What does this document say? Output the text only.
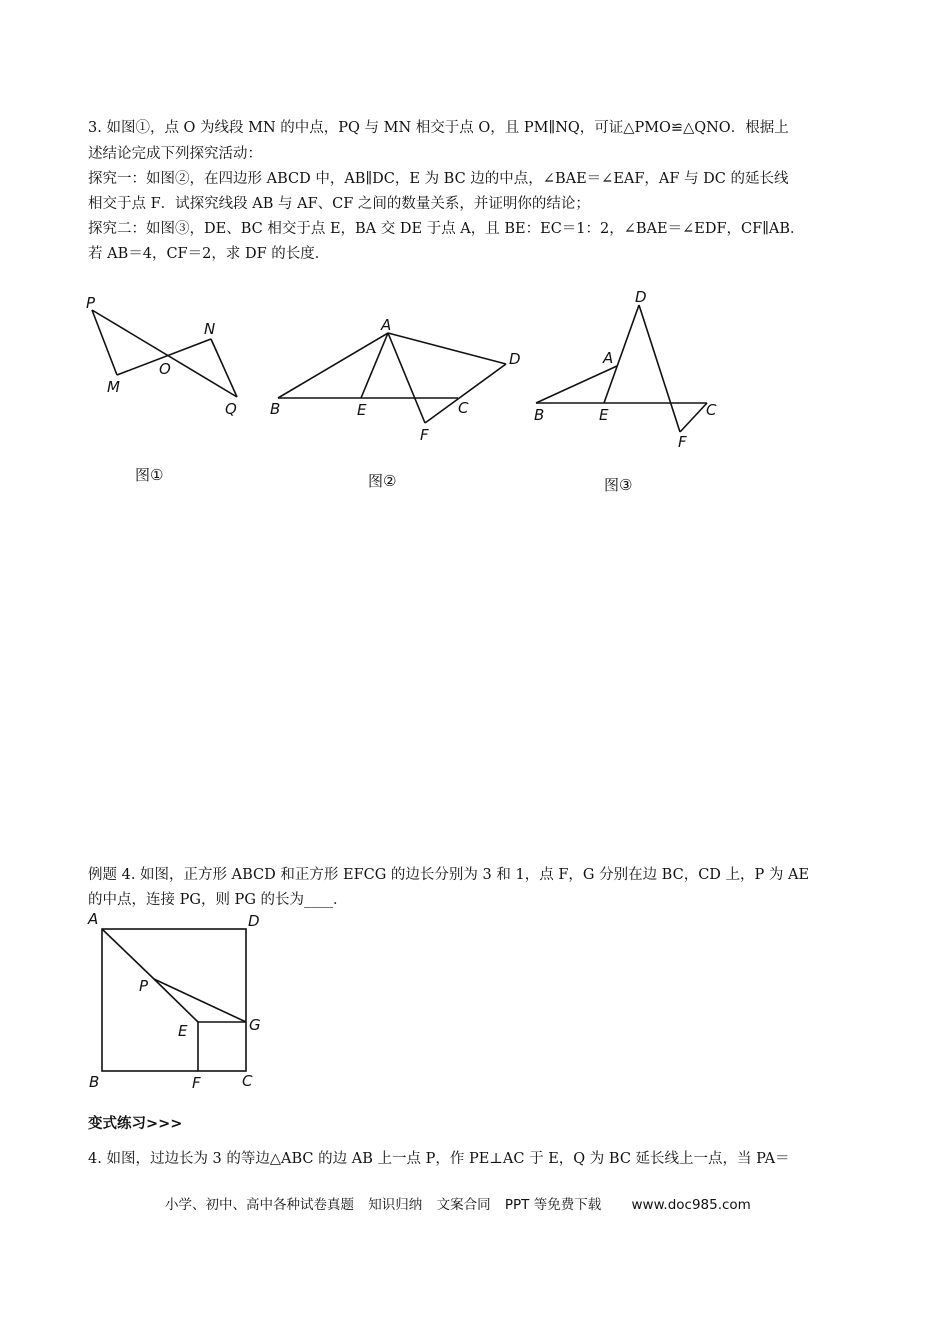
3. 如图①，点 O 为线段 MN 的中点，PQ 与 MN 相交于点 O，且 PM∥NQ，可证△PMO≌△QNO．根据上
述结论完成下列探究活动：
探究一：如图②，在四边形 ABCD 中，AB∥DC，E 为 BC 边的中点，∠BAE＝∠EAF，AF 与 DC 的延长线
相交于点 F．试探究线段 AB 与 AF、CF 之间的数量关系，并证明你的结论；
探究二：如图③，DE、BC 相交于点 E，BA 交 DE 于点 A，且 BE：EC＝1：2，∠BAE＝∠EDF，CF∥AB．
若 AB＝4，CF＝2，求 DF 的长度．
P
N
O
M
Q
图①
A
D
B	E	C
F
图②
D
A
B	E	C
F
图③
例题 4. 如图，正方形 ABCD 和正方形 EFCG 的边长分别为 3 和 1，点 F，G 分别在边 BC，CD 上，P 为 AE
的中点，连接 PG，则 PG 的长为____．
A	D
P
E	G
B	F	C
变式练习>>>
4. 如图，过边长为 3 的等边△ABC 的边 AB 上一点 P，作 PE⊥AC 于 E，Q 为 BC 延长线上一点，当 PA＝
小学、初中、高中各种试卷真题 知识归纳 文案合同 PPT 等免费下载 www.doc985.com
